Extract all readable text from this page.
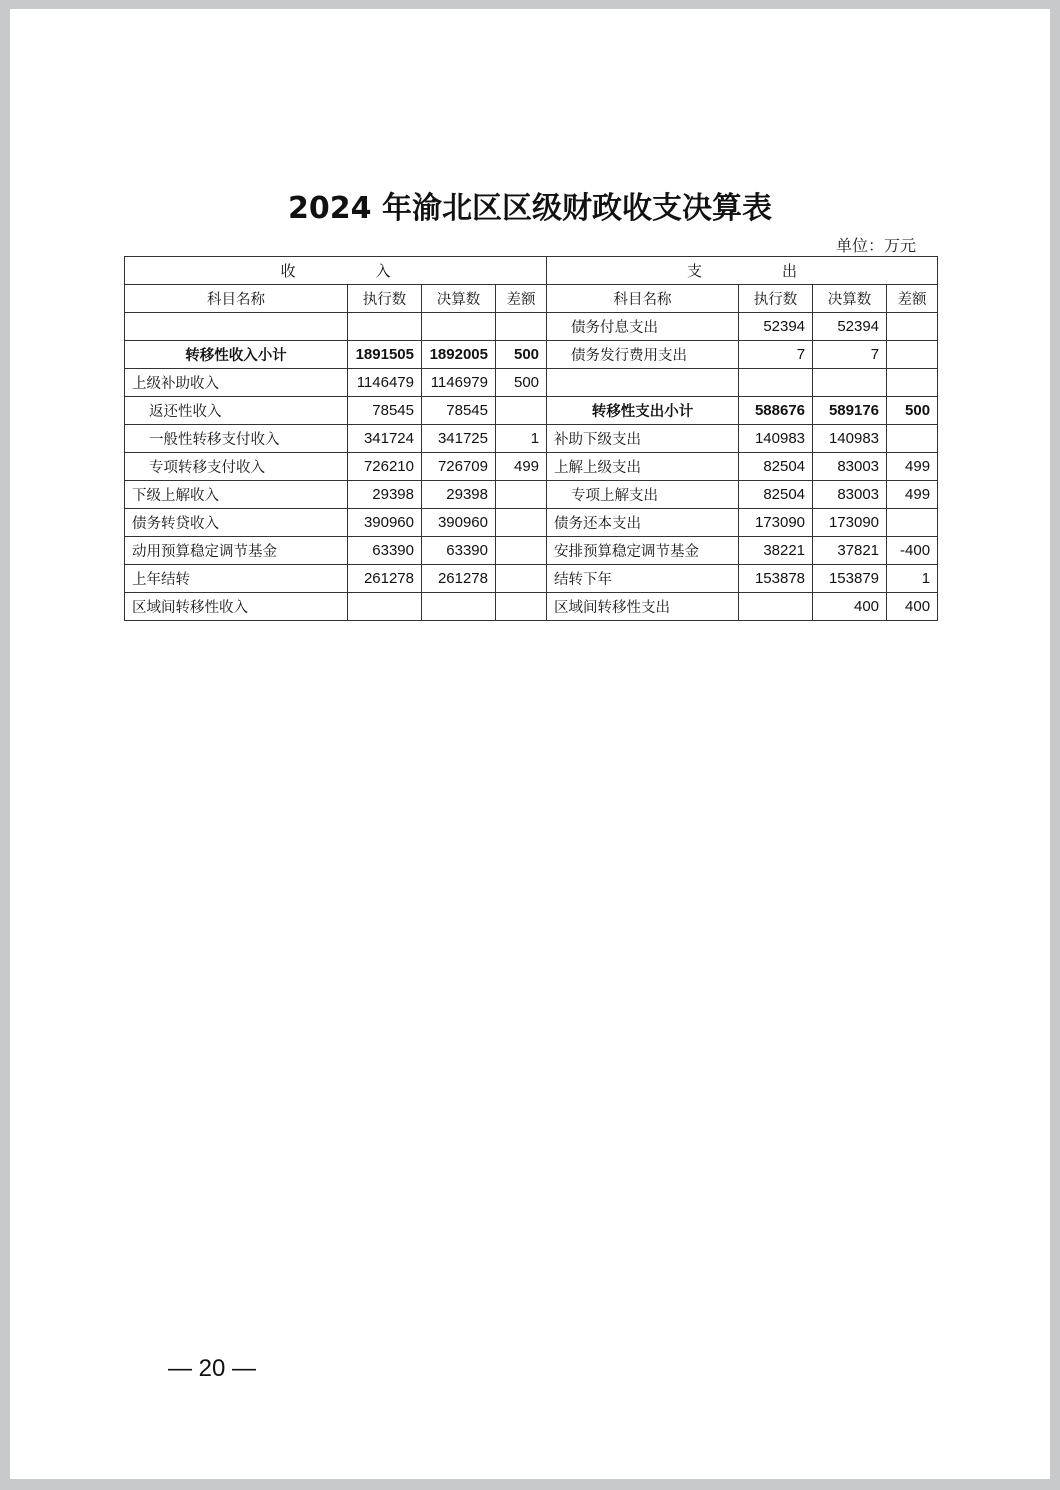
2024 年渝北区区级财政收支决算表
单位：万元
收 入				支 出			
科目名称	执行数	决算数	差额	科目名称	执行数	决算数	差额
				债务付息支出	52394	52394	
转移性收入小计	1891505	1892005	500	债务发行费用支出	7	7	
上级补助收入	1146479	1146979	500				
返还性收入	78545	78545		转移性支出小计	588676	589176	500
一般性转移支付收入	341724	341725	1	补助下级支出	140983	140983	
专项转移支付收入	726210	726709	499	上解上级支出	82504	83003	499
下级上解收入	29398	29398		专项上解支出	82504	83003	499
债务转贷收入	390960	390960		债务还本支出	173090	173090	
动用预算稳定调节基金	63390	63390		安排预算稳定调节基金	38221	37821	-400
上年结转	261278	261278		结转下年	153878	153879	1
区域间转移性收入				区域间转移性支出		400	400
— 20 —
